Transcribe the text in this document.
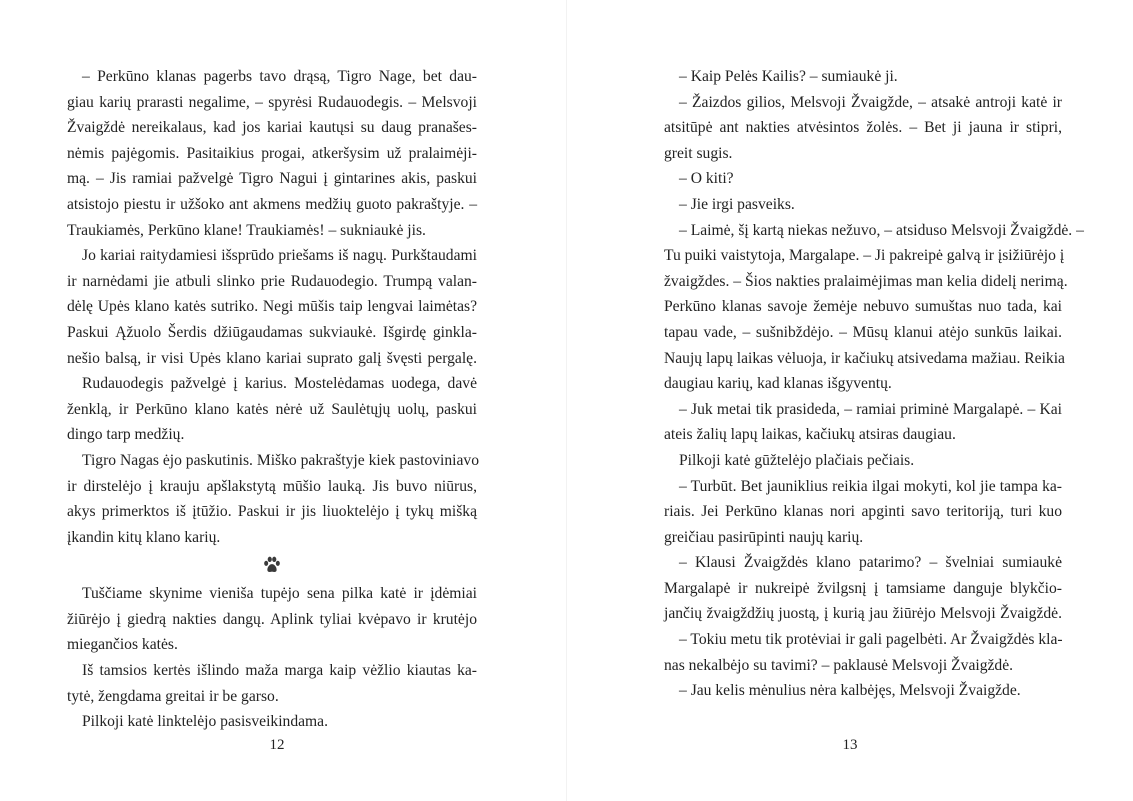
– Perkūno klanas pagerbs tavo drąsą, Tigro Nage, bet dau-
giau karių prarasti negalime, – spyrėsi Rudauodegis. – Melsvoji
Žvaigždė nereikalaus, kad jos kariai kautųsi su daug pranašes-
nėmis pajėgomis. Pasitaikius progai, atkeršysim už pralaimėji-
mą. – Jis ramiai pažvelgė Tigro Nagui į gintarines akis, paskui
atsistojo piestu ir užšoko ant akmens medžių guoto pakraštyje. –
Traukiamės, Perkūno klane! Traukiamės! – sukniaukė jis.
Jo kariai raitydamiesi išsprūdo priešams iš nagų. Purkštaudami
ir narnėdami jie atbuli slinko prie Rudauodegio. Trumpą valan-
dėlę Upės klano katės sutriko. Negi mūšis taip lengvai laimėtas?
Paskui Ąžuolo Šerdis džiūgaudamas sukviaukė. Išgirdę ginkla-
nešio balsą, ir visi Upės klano kariai suprato galį švęsti pergalę.
Rudauodegis pažvelgė į karius. Mostelėdamas uodega, davė
ženklą, ir Perkūno klano katės nėrė už Saulėtųjų uolų, paskui
dingo tarp medžių.
Tigro Nagas ėjo paskutinis. Miško pakraštyje kiek pastoviniavo
ir dirstelėjo į krauju apšlakstytą mūšio lauką. Jis buvo niūrus,
akys primerktos iš įtūžio. Paskui ir jis liuoktelėjo į tykų mišką
įkandin kitų klano karių.
Tuščiame skynime vieniša tupėjo sena pilka katė ir įdėmiai
žiūrėjo į giedrą nakties dangų. Aplink tyliai kvėpavo ir krutėjo
miegančios katės.
Iš tamsios kertės išlindo maža marga kaip vėžlio kiautas ka-
tytė, žengdama greitai ir be garso.
Pilkoji katė linktelėjo pasisveikindama.
12
– Kaip Pelės Kailis? – sumiaukė ji.
– Žaizdos gilios, Melsvoji Žvaigžde, – atsakė antroji katė ir
atsitūpė ant nakties atvėsintos žolės. – Bet ji jauna ir stipri,
greit sugis.
– O kiti?
– Jie irgi pasveiks.
– Laimė, šį kartą niekas nežuvo, – atsiduso Melsvoji Žvaigždė. –
Tu puiki vaistytoja, Margalape. – Ji pakreipė galvą ir įsižiūrėjo į
žvaigždes. – Šios nakties pralaimėjimas man kelia didelį nerimą.
Perkūno klanas savoje žemėje nebuvo sumuštas nuo tada, kai
tapau vade, – sušnibždėjo. – Mūsų klanui atėjo sunkūs laikai.
Naujų lapų laikas vėluoja, ir kačiukų atsivedama mažiau. Reikia
daugiau karių, kad klanas išgyventų.
– Juk metai tik prasideda, – ramiai priminė Margalapė. – Kai
ateis žalių lapų laikas, kačiukų atsiras daugiau.
Pilkoji katė gūžtelėjo plačiais pečiais.
– Turbūt. Bet jauniklius reikia ilgai mokyti, kol jie tampa ka-
riais. Jei Perkūno klanas nori apginti savo teritoriją, turi kuo
greičiau pasirūpinti naujų karių.
– Klausi Žvaigždės klano patarimo? – švelniai sumiaukė
Margalapė ir nukreipė žvilgsnį į tamsiame danguje blykčio-
jančių žvaigždžių juostą, į kurią jau žiūrėjo Melsvoji Žvaigždė.
– Tokiu metu tik protėviai ir gali pagelbėti. Ar Žvaigždės kla-
nas nekalbėjo su tavimi? – paklausė Melsvoji Žvaigždė.
– Jau kelis mėnulius nėra kalbėjęs, Melsvoji Žvaigžde.
13
